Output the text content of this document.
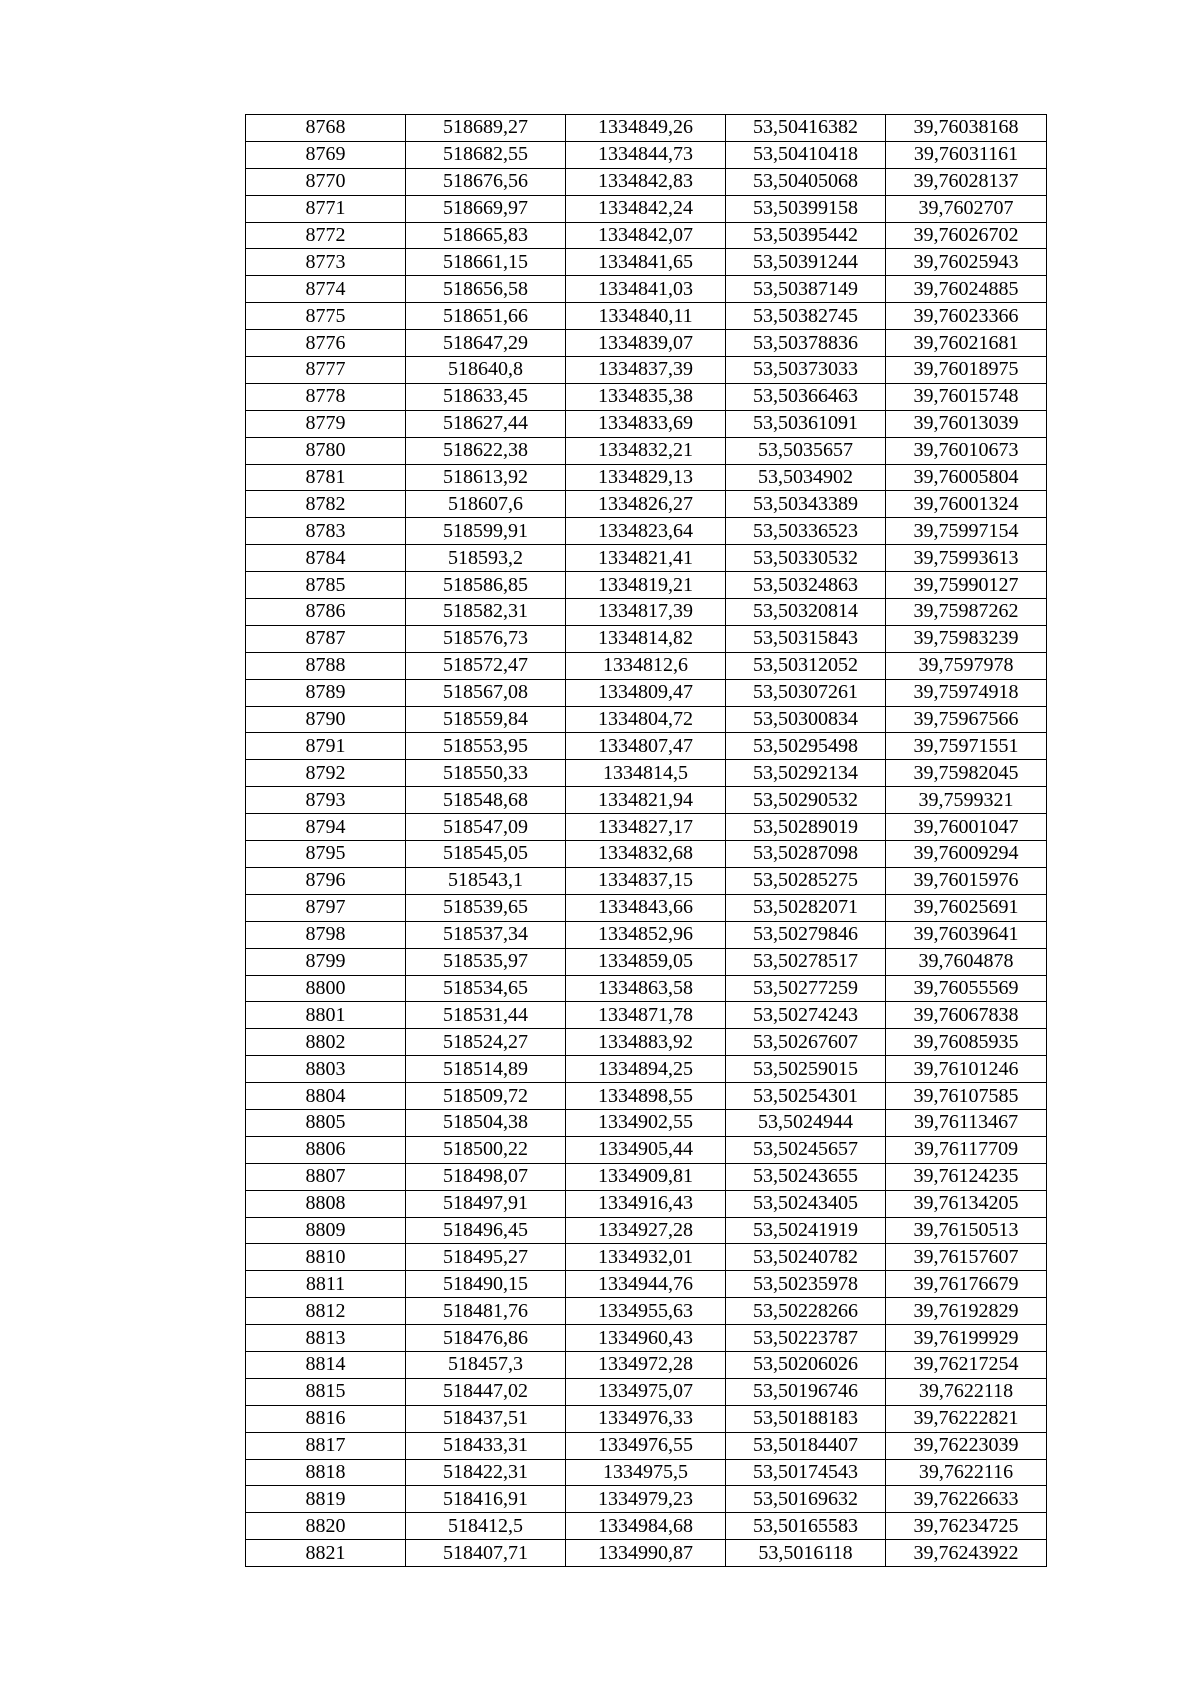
8768	518689,27	1334849,26	53,50416382	39,76038168
8769	518682,55	1334844,73	53,50410418	39,76031161
8770	518676,56	1334842,83	53,50405068	39,76028137
8771	518669,97	1334842,24	53,50399158	39,7602707
8772	518665,83	1334842,07	53,50395442	39,76026702
8773	518661,15	1334841,65	53,50391244	39,76025943
8774	518656,58	1334841,03	53,50387149	39,76024885
8775	518651,66	1334840,11	53,50382745	39,76023366
8776	518647,29	1334839,07	53,50378836	39,76021681
8777	518640,8	1334837,39	53,50373033	39,76018975
8778	518633,45	1334835,38	53,50366463	39,76015748
8779	518627,44	1334833,69	53,50361091	39,76013039
8780	518622,38	1334832,21	53,5035657	39,76010673
8781	518613,92	1334829,13	53,5034902	39,76005804
8782	518607,6	1334826,27	53,50343389	39,76001324
8783	518599,91	1334823,64	53,50336523	39,75997154
8784	518593,2	1334821,41	53,50330532	39,75993613
8785	518586,85	1334819,21	53,50324863	39,75990127
8786	518582,31	1334817,39	53,50320814	39,75987262
8787	518576,73	1334814,82	53,50315843	39,75983239
8788	518572,47	1334812,6	53,50312052	39,7597978
8789	518567,08	1334809,47	53,50307261	39,75974918
8790	518559,84	1334804,72	53,50300834	39,75967566
8791	518553,95	1334807,47	53,50295498	39,75971551
8792	518550,33	1334814,5	53,50292134	39,75982045
8793	518548,68	1334821,94	53,50290532	39,7599321
8794	518547,09	1334827,17	53,50289019	39,76001047
8795	518545,05	1334832,68	53,50287098	39,76009294
8796	518543,1	1334837,15	53,50285275	39,76015976
8797	518539,65	1334843,66	53,50282071	39,76025691
8798	518537,34	1334852,96	53,50279846	39,76039641
8799	518535,97	1334859,05	53,50278517	39,7604878
8800	518534,65	1334863,58	53,50277259	39,76055569
8801	518531,44	1334871,78	53,50274243	39,76067838
8802	518524,27	1334883,92	53,50267607	39,76085935
8803	518514,89	1334894,25	53,50259015	39,76101246
8804	518509,72	1334898,55	53,50254301	39,76107585
8805	518504,38	1334902,55	53,5024944	39,76113467
8806	518500,22	1334905,44	53,50245657	39,76117709
8807	518498,07	1334909,81	53,50243655	39,76124235
8808	518497,91	1334916,43	53,50243405	39,76134205
8809	518496,45	1334927,28	53,50241919	39,76150513
8810	518495,27	1334932,01	53,50240782	39,76157607
8811	518490,15	1334944,76	53,50235978	39,76176679
8812	518481,76	1334955,63	53,50228266	39,76192829
8813	518476,86	1334960,43	53,50223787	39,76199929
8814	518457,3	1334972,28	53,50206026	39,76217254
8815	518447,02	1334975,07	53,50196746	39,7622118
8816	518437,51	1334976,33	53,50188183	39,76222821
8817	518433,31	1334976,55	53,50184407	39,76223039
8818	518422,31	1334975,5	53,50174543	39,7622116
8819	518416,91	1334979,23	53,50169632	39,76226633
8820	518412,5	1334984,68	53,50165583	39,76234725
8821	518407,71	1334990,87	53,5016118	39,76243922
